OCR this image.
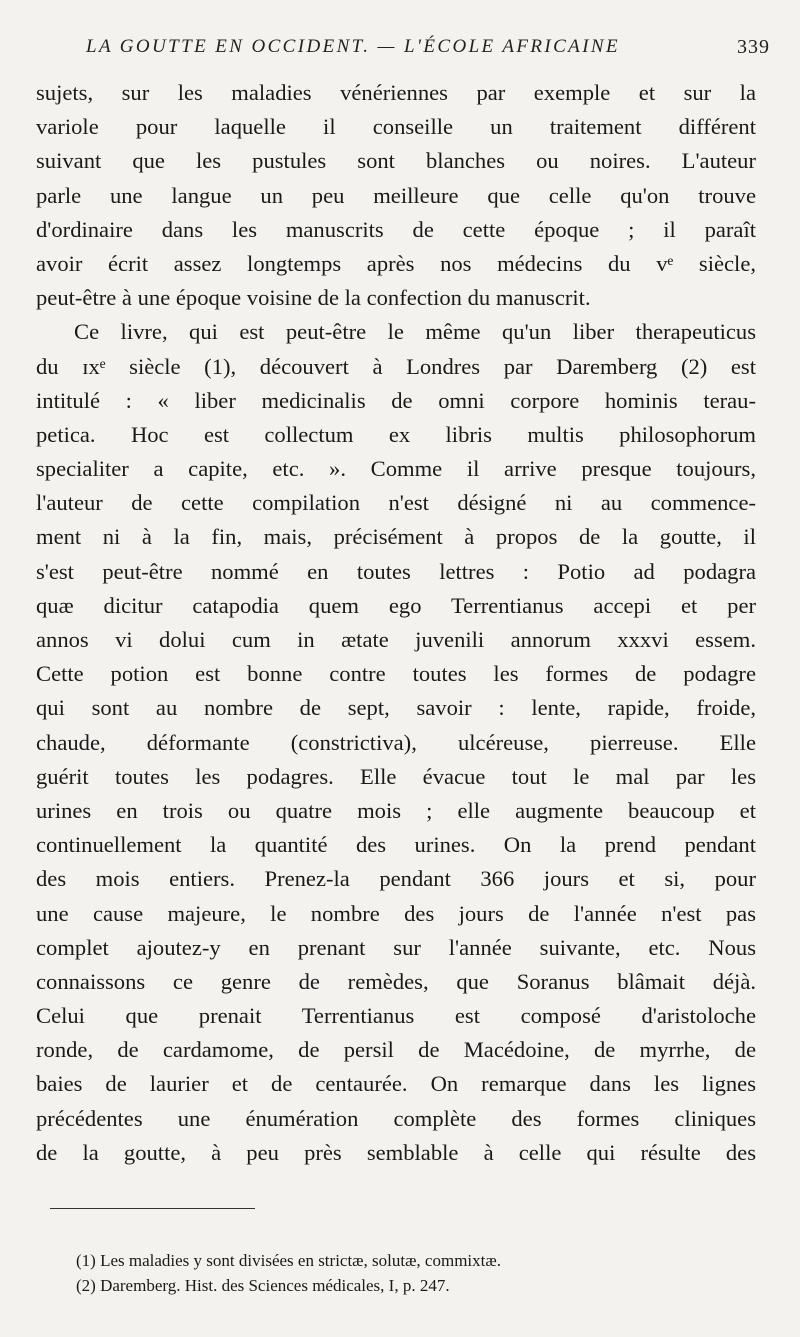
LA GOUTTE EN OCCIDENT. — L'ÉCOLE AFRICAINE	339
sujets, sur les maladies vénériennes par exemple et sur la
variole pour laquelle il conseille un traitement différent
suivant que les pustules sont blanches ou noires. L'auteur
parle une langue un peu meilleure que celle qu'on trouve
d'ordinaire dans les manuscrits de cette époque ; il paraît
avoir écrit assez longtemps après nos médecins du vᵉ siècle,
peut-être à une époque voisine de la confection du manuscrit.
Ce livre, qui est peut-être le même qu'un liber therapeuticus
du ɪxᵉ siècle (1), découvert à Londres par Daremberg (2) est
intitulé : « liber medicinalis de omni corpore hominis terau-
petica. Hoc est collectum ex libris multis philosophorum
specialiter a capite, etc. ». Comme il arrive presque toujours,
l'auteur de cette compilation n'est désigné ni au commence-
ment ni à la fin, mais, précisément à propos de la goutte, il
s'est peut-être nommé en toutes lettres : Potio ad podagra
quæ dicitur catapodia quem ego Terrentianus accepi et per
annos vi dolui cum in ætate juvenili annorum xxxvi essem.
Cette potion est bonne contre toutes les formes de podagre
qui sont au nombre de sept, savoir : lente, rapide, froide,
chaude, déformante (constrictiva), ulcéreuse, pierreuse. Elle
guérit toutes les podagres. Elle évacue tout le mal par les
urines en trois ou quatre mois ; elle augmente beaucoup et
continuellement la quantité des urines. On la prend pendant
des mois entiers. Prenez-la pendant 366 jours et si, pour
une cause majeure, le nombre des jours de l'année n'est pas
complet ajoutez-y en prenant sur l'année suivante, etc. Nous
connaissons ce genre de remèdes, que Soranus blâmait déjà.
Celui que prenait Terrentianus est composé d'aristoloche
ronde, de cardamome, de persil de Macédoine, de myrrhe, de
baies de laurier et de centaurée. On remarque dans les lignes
précédentes une énumération complète des formes cliniques
de la goutte, à peu près semblable à celle qui résulte des
(1) Les maladies y sont divisées en strictæ, solutæ, commixtæ.
(2) Daremberg. Hist. des Sciences médicales, I, p. 247.
